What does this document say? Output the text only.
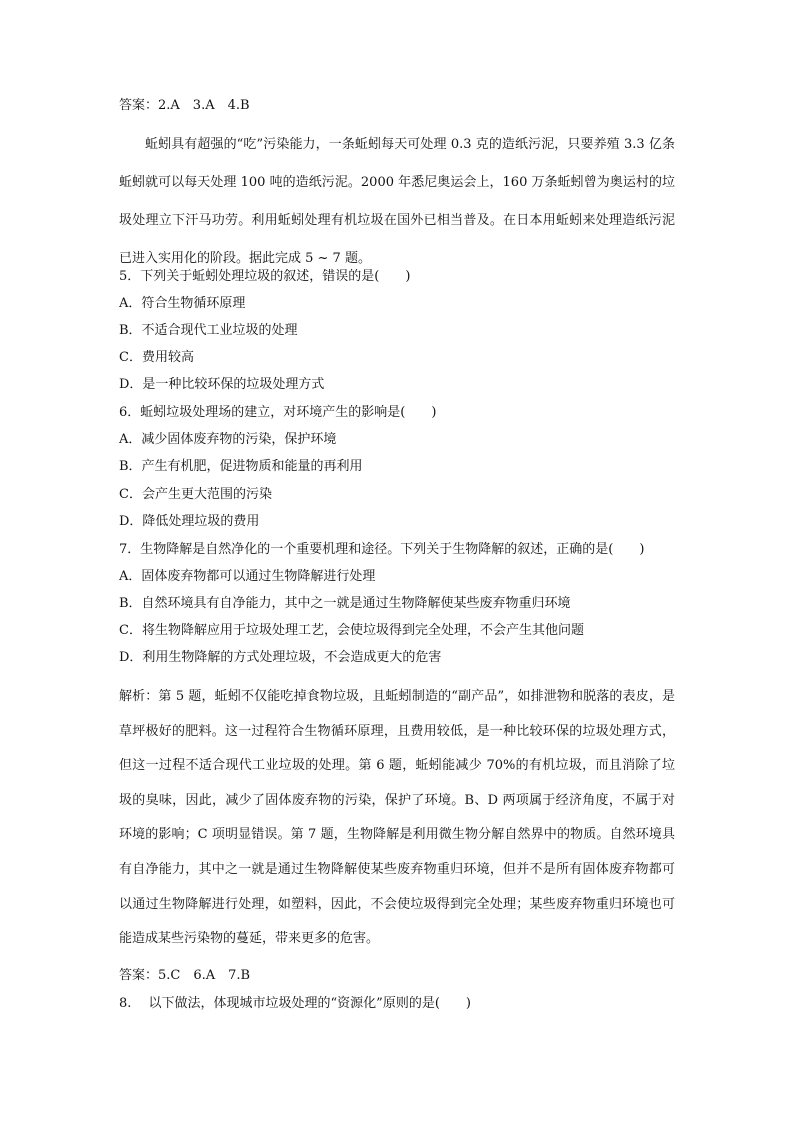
答案：2.A　3.A　4.B
蚯蚓具有超强的“吃”污染能力，一条蚯蚓每天可处理 0.3 克的造纸污泥，只要养殖 3.3 亿条蚯蚓就可以每天处理 100 吨的造纸污泥。2000 年悉尼奥运会上，160 万条蚯蚓曾为奥运村的垃圾处理立下汗马功劳。利用蚯蚓处理有机垃圾在国外已相当普及。在日本用蚯蚓来处理造纸污泥已进入实用化的阶段。据此完成 5 ~ 7 题。
5．下列关于蚯蚓处理垃圾的叙述，错误的是(　　)
A．符合生物循环原理
B．不适合现代工业垃圾的处理
C．费用较高
D．是一种比较环保的垃圾处理方式
6．蚯蚓垃圾处理场的建立，对环境产生的影响是(　　)
A．减少固体废弃物的污染，保护环境
B．产生有机肥，促进物质和能量的再利用
C．会产生更大范围的污染
D．降低处理垃圾的费用
7．生物降解是自然净化的一个重要机理和途径。下列关于生物降解的叙述，正确的是(　　)
A．固体废弃物都可以通过生物降解进行处理
B．自然环境具有自净能力，其中之一就是通过生物降解使某些废弃物重归环境
C．将生物降解应用于垃圾处理工艺，会使垃圾得到完全处理，不会产生其他问题
D．利用生物降解的方式处理垃圾，不会造成更大的危害
解析：第 5 题，蚯蚓不仅能吃掉食物垃圾，且蚯蚓制造的“副产品”，如排泄物和脱落的表皮，是草坪极好的肥料。这一过程符合生物循环原理，且费用较低，是一种比较环保的垃圾处理方式，但这一过程不适合现代工业垃圾的处理。第 6 题，蚯蚓能减少 70%的有机垃圾，而且消除了垃圾的臭味，因此，减少了固体废弃物的污染，保护了环境。B、D 两项属于经济角度，不属于对环境的影响；C 项明显错误。第 7 题，生物降解是利用微生物分解自然界中的物质。自然环境具有自净能力，其中之一就是通过生物降解使某些废弃物重归环境，但并不是所有固体废弃物都可以通过生物降解进行处理，如塑料，因此，不会使垃圾得到完全处理；某些废弃物重归环境也可能造成某些污染物的蔓延，带来更多的危害。
答案：5.C　6.A　7.B
8.　 以下做法，体现城市垃圾处理的“资源化”原则的是(　　)
